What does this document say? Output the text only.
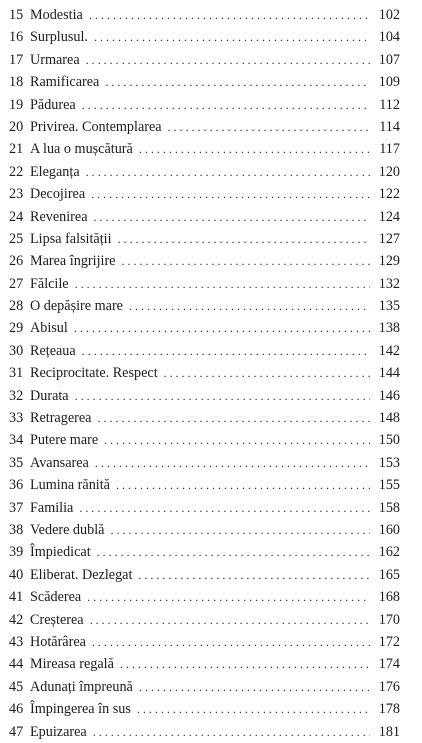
15 Modestia . . .	102
16 Surplusul. . . .	104
17 Urmarea . . .	107
18 Ramificarea . . .	109
19 Pădurea . . .	112
20 Privirea. Contemplarea . . .	114
21 A lua o mușcătură . . .	117
22 Eleganța . . .	120
23 Decojirea . . .	122
24 Revenirea . . .	124
25 Lipsa falsității . . .	127
26 Marea îngrijire . . .	129
27 Fălcile . . .	132
28 O depășire mare . . .	135
29 Abisul . . .	138
30 Rețeaua . . .	142
31 Reciprocitate. Respect . . .	144
32 Durata . . .	146
33 Retragerea . . .	148
34 Putere mare . . .	150
35 Avansarea . . .	153
36 Lumina rănită . . .	155
37 Familia . . .	158
38 Vedere dublă . . .	160
39 Împiedicat . . .	162
40 Eliberat. Dezlegat . . .	165
41 Scăderea . . .	168
42 Creșterea . . .	170
43 Hotărârea . . .	172
44 Mireasa regală . . .	174
45 Adunați împreună . . .	176
46 Împingerea în sus . . .	178
47 Epuizarea . . .	181
